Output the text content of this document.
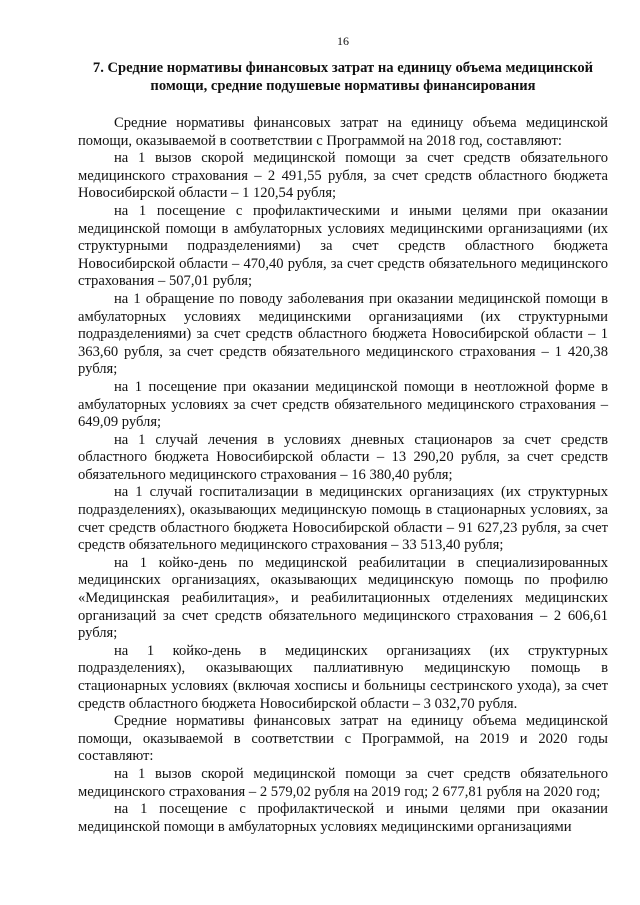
16
7. Средние нормативы финансовых затрат на единицу объема медицинской помощи, средние подушевые нормативы финансирования

Средние нормативы финансовых затрат на единицу объема медицинской помощи, оказываемой в соответствии с Программой на 2018 год, составляют:

на 1 вызов скорой медицинской помощи за счет средств обязательного медицинского страхования – 2 491,55 рубля, за счет средств областного бюджета Новосибирской области – 1 120,54 рубля;

на 1 посещение с профилактическими и иными целями при оказании медицинской помощи в амбулаторных условиях медицинскими организациями (их структурными подразделениями) за счет средств областного бюджета Новосибирской области – 470,40 рубля, за счет средств обязательного медицинского страхования – 507,01 рубля;

на 1 обращение по поводу заболевания при оказании медицинской помощи в амбулаторных условиях медицинскими организациями (их структурными подразделениями) за счет средств областного бюджета Новосибирской области – 1 363,60 рубля, за счет средств обязательного медицинского страхования – 1 420,38 рубля;

на 1 посещение при оказании медицинской помощи в неотложной форме в амбулаторных условиях за счет средств обязательного медицинского страхования – 649,09 рубля;

на 1 случай лечения в условиях дневных стационаров за счет средств областного бюджета Новосибирской области – 13 290,20 рубля, за счет средств обязательного медицинского страхования – 16 380,40 рубля;

на 1 случай госпитализации в медицинских организациях (их структурных подразделениях), оказывающих медицинскую помощь в стационарных условиях, за счет средств областного бюджета Новосибирской области – 91 627,23 рубля, за счет средств обязательного медицинского страхования – 33 513,40 рубля;

на 1 койко-день по медицинской реабилитации в специализированных медицинских организациях, оказывающих медицинскую помощь по профилю «Медицинская реабилитация», и реабилитационных отделениях медицинских организаций за счет средств обязательного медицинского страхования – 2 606,61 рубля;

на 1 койко-день в медицинских организациях (их структурных подразделениях), оказывающих паллиативную медицинскую помощь в стационарных условиях (включая хосписы и больницы сестринского ухода), за счет средств областного бюджета Новосибирской области – 3 032,70 рубля.

Средние нормативы финансовых затрат на единицу объема медицинской помощи, оказываемой в соответствии с Программой, на 2019 и 2020 годы составляют:

на 1 вызов скорой медицинской помощи за счет средств обязательного медицинского страхования – 2 579,02 рубля на 2019 год; 2 677,81 рубля на 2020 год;

на 1 посещение с профилактической и иными целями при оказании медицинской помощи в амбулаторных условиях медицинскими организациями
